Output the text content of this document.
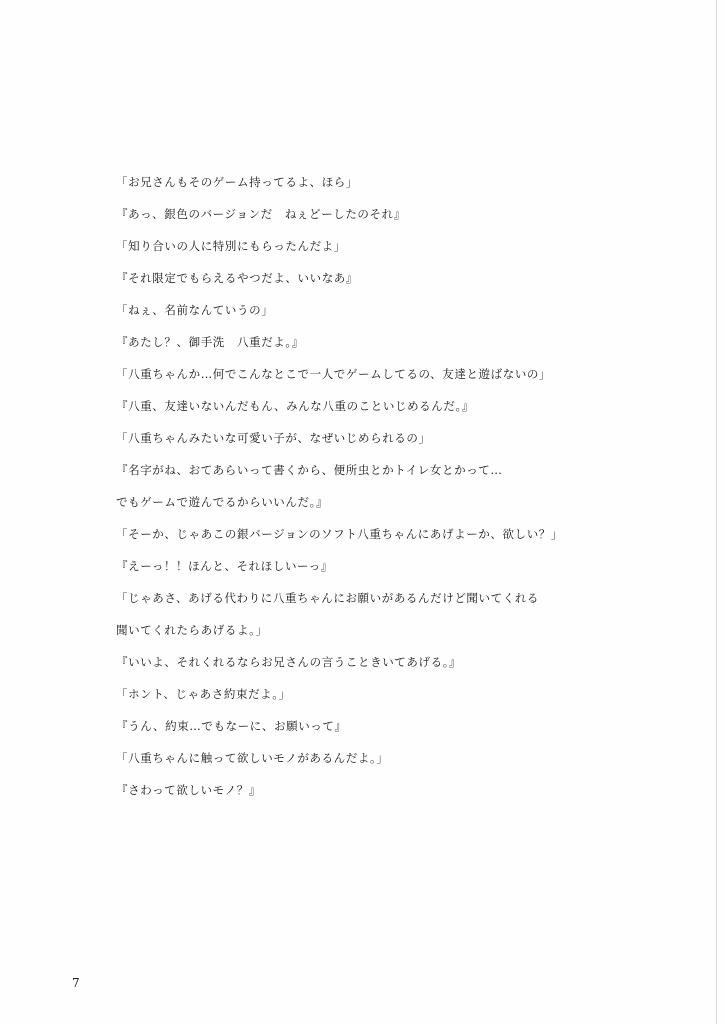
「お兄さんもそのゲーム持ってるよ、ほら」
『あっ、銀色のバージョンだ　ねぇどーしたのそれ』
「知り合いの人に特別にもらったんだよ」
『それ限定でもらえるやつだよ、いいなあ』
「ねぇ、名前なんていうの」
『あたし？、御手洗　八重だよ。』
「八重ちゃんか…何でこんなとこで一人でゲームしてるの、友達と遊ばないの」
『八重、友達いないんだもん、みんな八重のこといじめるんだ。』
「八重ちゃんみたいな可愛い子が、なぜいじめられるの」
『名字がね、おてあらいって書くから、便所虫とかトイレ女とかって…
でもゲームで遊んでるからいいんだ。』
「そーか、じゃあこの銀バージョンのソフト八重ちゃんにあげよーか、欲しい？」
『えーっ！！ほんと、それほしいーっ』
「じゃあさ、あげる代わりに八重ちゃんにお願いがあるんだけど聞いてくれる
聞いてくれたらあげるよ。」
『いいよ、それくれるならお兄さんの言うこときいてあげる。』
「ホント、じゃあさ約束だよ。」
『うん、約束…でもなーに、お願いって』
「八重ちゃんに触って欲しいモノがあるんだよ。」
『さわって欲しいモノ？』
7
